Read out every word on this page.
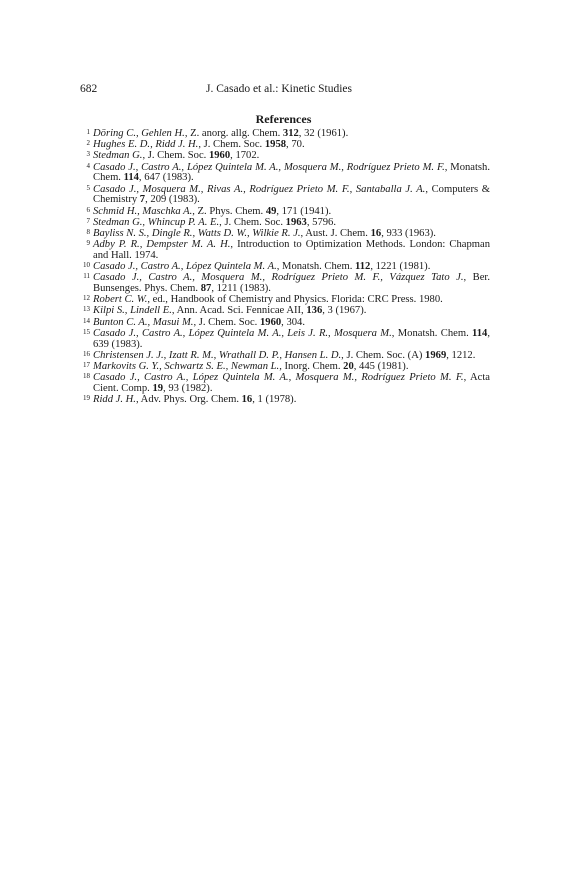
682	J. Casado et al.: Kinetic Studies
References
1 Döring C., Gehlen H., Z. anorg. allg. Chem. 312, 32 (1961).
2 Hughes E. D., Ridd J. H., J. Chem. Soc. 1958, 70.
3 Stedman G., J. Chem. Soc. 1960, 1702.
4 Casado J., Castro A., López Quintela M. A., Mosquera M., Rodríguez Prieto M. F., Monatsh. Chem. 114, 647 (1983).
5 Casado J., Mosquera M., Rivas A., Rodríguez Prieto M. F., Santaballa J. A., Computers & Chemistry 7, 209 (1983).
6 Schmid H., Maschka A., Z. Phys. Chem. 49, 171 (1941).
7 Stedman G., Whincup P. A. E., J. Chem. Soc. 1963, 5796.
8 Bayliss N. S., Dingle R., Watts D. W., Wilkie R. J., Aust. J. Chem. 16, 933 (1963).
9 Adby P. R., Dempster M. A. H., Introduction to Optimization Methods. London: Chapman and Hall. 1974.
10 Casado J., Castro A., López Quintela M. A., Monatsh. Chem. 112, 1221 (1981).
11 Casado J., Castro A., Mosquera M., Rodríguez Prieto M. F., Vázquez Tato J., Ber. Bunsenges. Phys. Chem. 87, 1211 (1983).
12 Robert C. W., ed., Handbook of Chemistry and Physics. Florida: CRC Press. 1980.
13 Kilpi S., Lindell E., Ann. Acad. Sci. Fennicae AII, 136, 3 (1967).
14 Bunton C. A., Masui M., J. Chem. Soc. 1960, 304.
15 Casado J., Castro A., López Quintela M. A., Leis J. R., Mosquera M., Monatsh. Chem. 114, 639 (1983).
16 Christensen J. J., Izatt R. M., Wrathall D. P., Hansen L. D., J. Chem. Soc. (A) 1969, 1212.
17 Markovits G. Y., Schwartz S. E., Newman L., Inorg. Chem. 20, 445 (1981).
18 Casado J., Castro A., López Quintela M. A., Mosquera M., Rodríguez Prieto M. F., Acta Cient. Comp. 19, 93 (1982).
19 Ridd J. H., Adv. Phys. Org. Chem. 16, 1 (1978).
